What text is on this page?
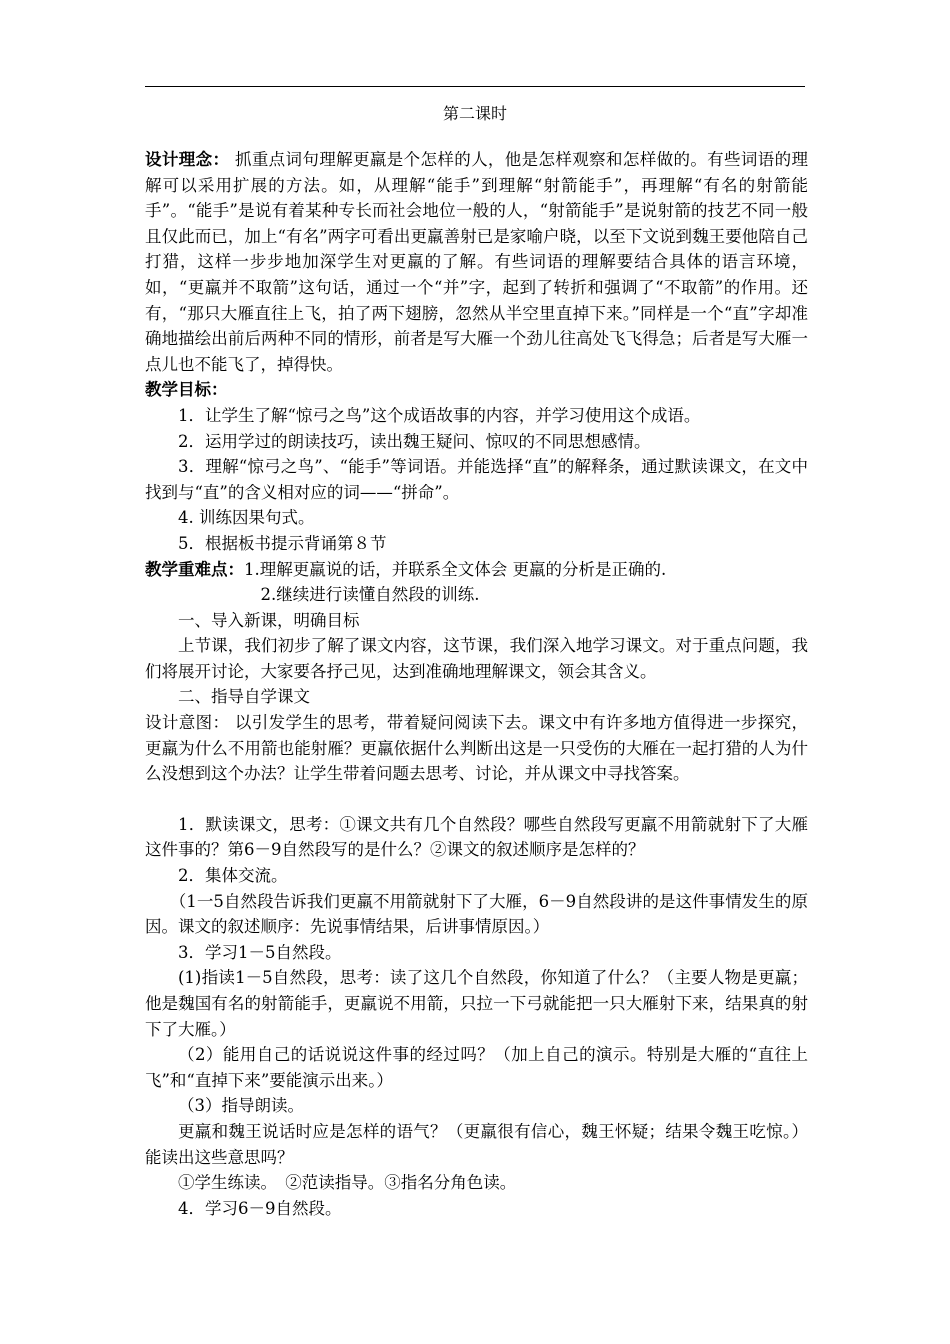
第二课时

设计理念： 抓重点词句理解更羸是个怎样的人，他是怎样观察和怎样做的。有些词语的理解可以采用扩展的方法。如，从理解“能手”到理解“射箭能手”，再理解“有名的射箭能手”。“能手”是说有着某种专长而社会地位一般的人，“射箭能手”是说射箭的技艺不同一般且仅此而已，加上“有名”两字可看出更羸善射已是家喻户晓，以至下文说到魏王要他陪自己打猎，这样一步步地加深学生对更羸的了解。有些词语的理解要结合具体的语言环境，如，“更羸并不取箭”这句话，通过一个“并”字，起到了转折和强调了“不取箭”的作用。还有，“那只大雁直往上飞，拍了两下翅膀，忽然从半空里直掉下来。”同样是一个“直”字却准确地描绘出前后两种不同的情形，前者是写大雁一个劲儿往高处飞飞得急；后者是写大雁一点儿也不能飞了，掉得快。

教学目标：

1．让学生了解“惊弓之鸟”这个成语故事的内容，并学习使用这个成语。

2．运用学过的朗读技巧，读出魏王疑问、惊叹的不同思想感情。

3．理解“惊弓之鸟”、“能手”等词语。并能选择“直”的解释条，通过默读课文，在文中找到与“直”的含义相对应的词——“拼命”。

4. 训练因果句式。

5．根据板书提示背诵第８节

教学重难点：1.理解更羸说的话，并联系全文体会 更羸的分析是正确的.

2.继续进行读懂自然段的训练.

一、导入新课，明确目标

上节课，我们初步了解了课文内容，这节课，我们深入地学习课文。对于重点问题，我们将展开讨论，大家要各抒己见，达到准确地理解课文，领会其含义。

二、指导自学课文

设计意图： 以引发学生的思考，带着疑问阅读下去。课文中有许多地方值得进一步探究，更羸为什么不用箭也能射雁？更羸依据什么判断出这是一只受伤的大雁在一起打猎的人为什么没想到这个办法？让学生带着问题去思考、讨论，并从课文中寻找答案。

1．默读课文，思考：①课文共有几个自然段？哪些自然段写更羸不用箭就射下了大雁这件事的？第6－9自然段写的是什么？②课文的叙述顺序是怎样的？

2．集体交流。

（1一5自然段告诉我们更羸不用箭就射下了大雁，6－9自然段讲的是这件事情发生的原因。课文的叙述顺序：先说事情结果，后讲事情原因。）

3．学习1－5自然段。

(1)指读1－5自然段，思考：读了这几个自然段，你知道了什么？（主要人物是更羸；他是魏国有名的射箭能手，更羸说不用箭，只拉一下弓就能把一只大雁射下来，结果真的射下了大雁。）

（2）能用自己的话说说这件事的经过吗？（加上自己的演示。特别是大雁的“直往上飞”和“直掉下来”要能演示出来。）

（3）指导朗读。

更羸和魏王说话时应是怎样的语气？（更羸很有信心，魏王怀疑；结果令魏王吃惊。）能读出这些意思吗？

①学生练读。　②范读指导。③指名分角色读。

4．学习6－9自然段。
